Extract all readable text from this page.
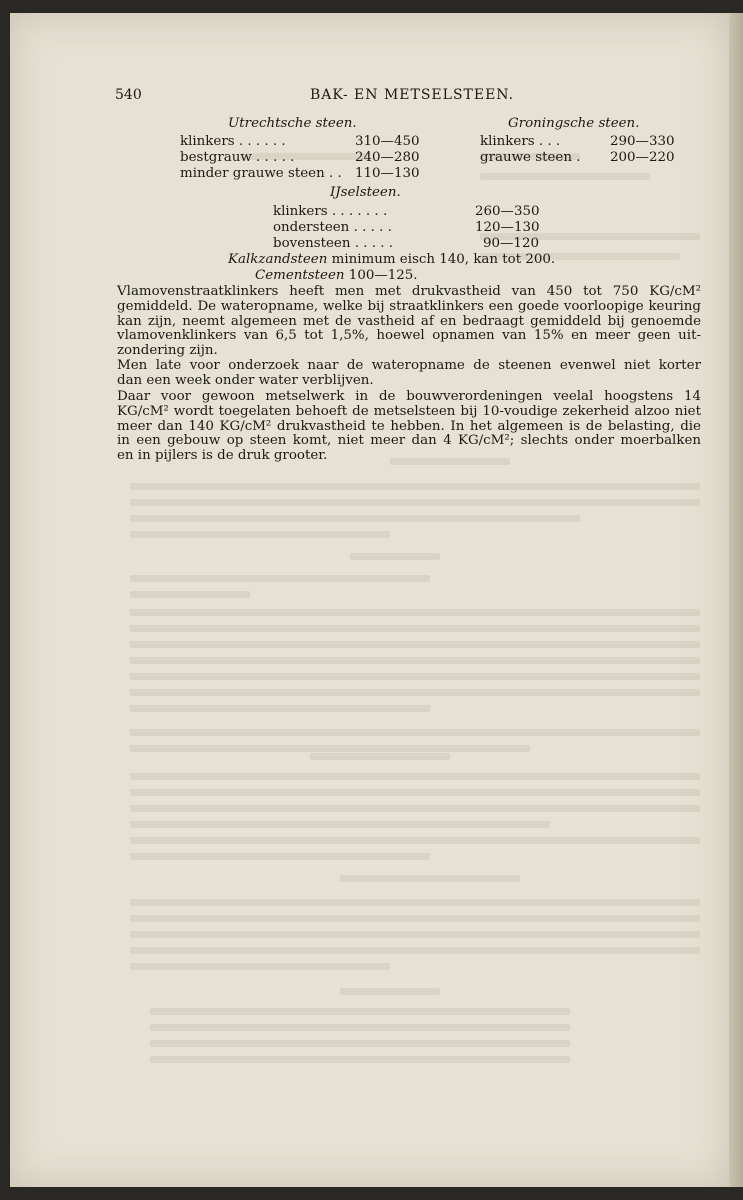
540	BAK- EN METSELSTEEN.
Utrechtsche steen.
klinkers . . . . . .	310—450
bestgrauw . . . . .	240—280
minder grauwe steen . . 110—130
Groningsche steen.
klinkers . . .	290—330
grauwe steen . 200—220
IJselsteen.
klinkers . . . . . . .	260—350
ondersteen . . . . .	120—130
bovensteen . . . . .	90—120
Kalkzandsteen minimum eisch 140, kan tot 200.
Cementsteen 100—125.
Vlamovenstraatklinkers heeft men met drukvastheid van 450 tot 750 KG/cM²
gemiddeld. De wateropname, welke bij straatklinkers een goede voorloopige keuring
kan zijn, neemt algemeen met de vastheid af en bedraagt gemiddeld bij genoemde
vlamovenklinkers van 6,5 tot 1,5%, hoewel opnamen van 15% en meer geen uit-
zondering zijn.
Men late voor onderzoek naar de wateropname de steenen evenwel niet korter
dan een week onder water verblijven.
Daar voor gewoon metselwerk in de bouwverordeningen veelal hoogstens 14
KG/cM² wordt toegelaten behoeft de metselsteen bij 10-voudige zekerheid alzoo niet
meer dan 140 KG/cM² drukvastheid te hebben. In het algemeen is de belasting, die
in een gebouw op steen komt, niet meer dan 4 KG/cM²; slechts onder moerbalken
en in pijlers is de druk grooter.
